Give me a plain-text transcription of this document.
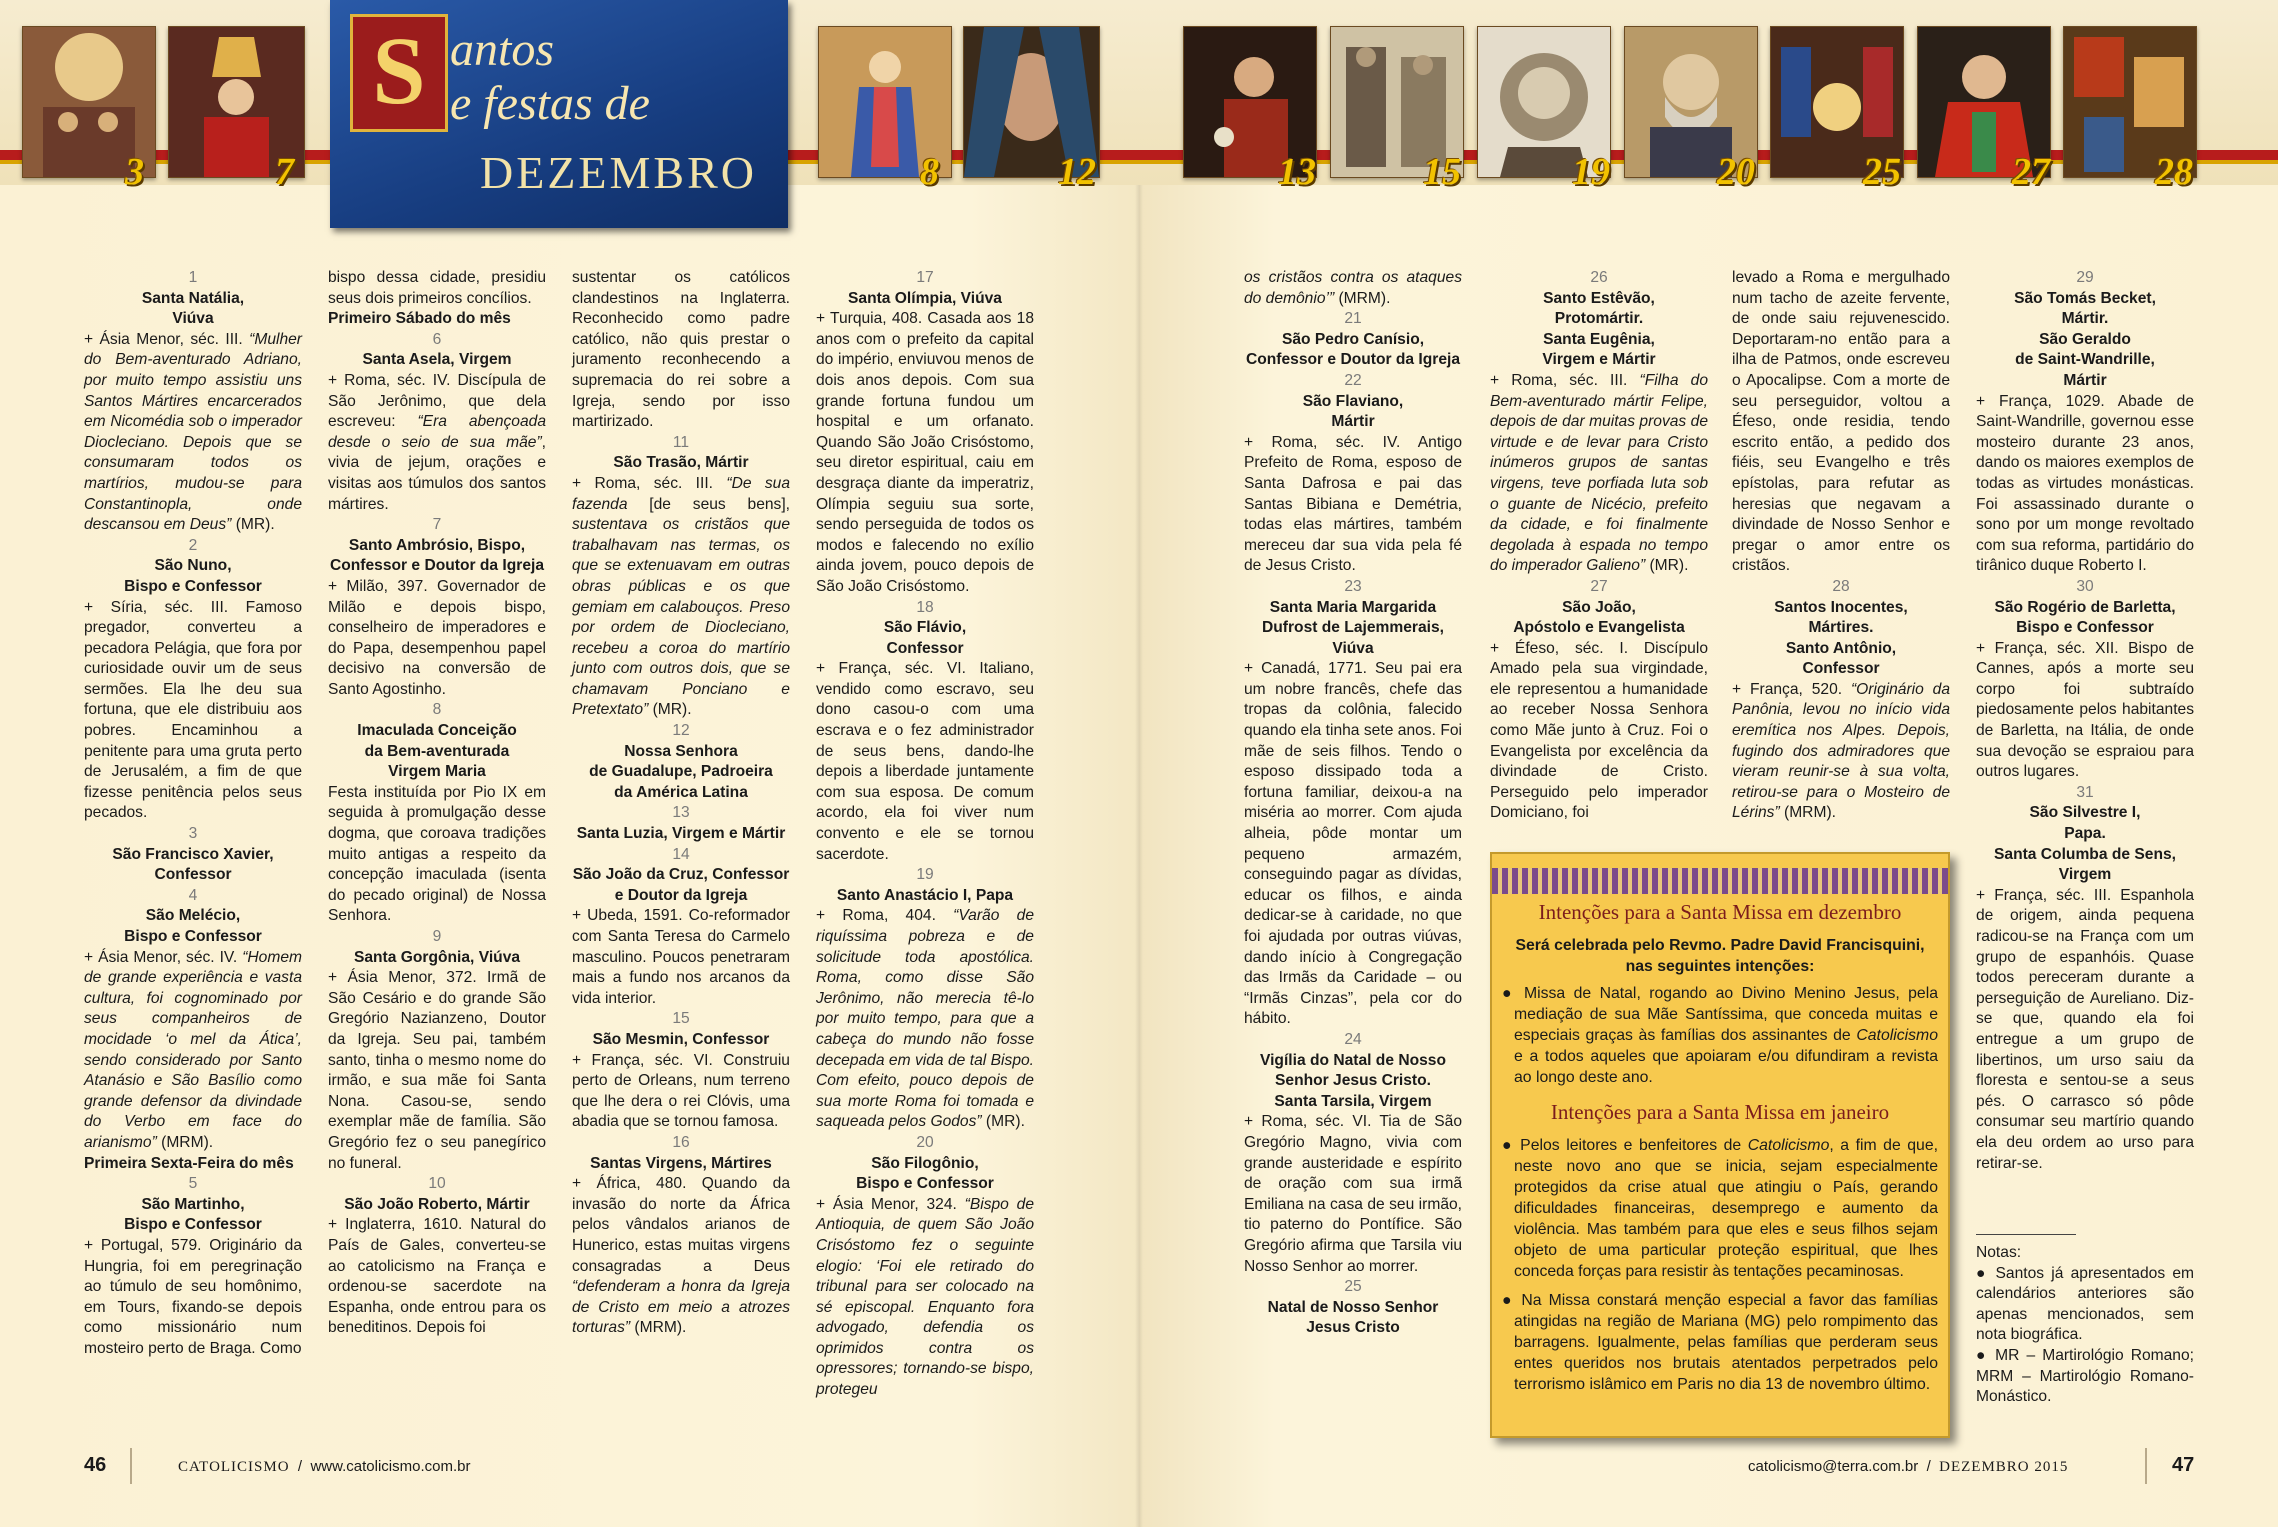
3	7	8	12	13	15	19	20	25	27	28
S antos
e festas de
DEZEMBRO

1

Santa Natália,
Viúva

+ Ásia Menor, séc. III. “Mulher do Bem-aventurado Adriano, por muito tempo assistiu uns Santos Mártires encarcerados em Nicomédia sob o imperador Diocleciano. Depois que se consumaram todos os martírios, mudou-se para Constantinopla, onde descansou em Deus” (MR).

2

São Nuno,
Bispo e Confessor

+ Síria, séc. III. Famoso pregador, converteu a pecadora Pelágia, que fora por curiosidade ouvir um de seus sermões. Ela lhe deu sua fortuna, que ele distribuiu aos pobres. Encaminhou a penitente para uma gruta perto de Jerusalém, a fim de que fizesse penitência pelos seus pecados.

3

São Francisco Xavier,
Confessor

4

São Melécio,
Bispo e Confessor

+ Ásia Menor, séc. IV. “Homem de grande experiência e vasta cultura, foi cognominado por seus companheiros de mocidade ‘o mel da Ática’, sendo considerado por Santo Atanásio e São Basílio como grande defensor da divindade do Verbo em face do arianismo” (MRM).
Primeira Sexta-Feira do mês

5

São Martinho,
Bispo e Confessor

+ Portugal, 579. Originário da Hungria, foi em peregrinação ao túmulo de seu homônimo, em Tours, fixando-se depois como missionário num mosteiro perto de Braga. Como

bispo dessa cidade, presidiu seus dois primeiros concílios.
Primeiro Sábado do mês

6

Santa Asela, Virgem

+ Roma, séc. IV. Discípula de São Jerônimo, que dela escreveu: “Era abençoada desde o seio de sua mãe”, vivia de jejum, orações e visitas aos túmulos dos santos mártires.

7

Santo Ambrósio, Bispo,
Confessor e Doutor da Igreja

+ Milão, 397. Governador de Milão e depois bispo, conselheiro de imperadores e do Papa, desempenhou papel decisivo na conversão de Santo Agostinho.

8

Imaculada Conceição
da Bem-aventurada
Virgem Maria

Festa instituída por Pio IX em seguida à promulgação desse dogma, que coroava tradições muito antigas a respeito da concepção imaculada (isenta do pecado original) de Nossa Senhora.

9

Santa Gorgônia, Viúva

+ Ásia Menor, 372. Irmã de São Cesário e do grande São Gregório Nazianzeno, Doutor da Igreja. Seu pai, também santo, tinha o mesmo nome do irmão, e sua mãe foi Santa Nona. Casou-se, sendo exemplar mãe de família. São Gregório fez o seu panegírico no funeral.

10

São João Roberto, Mártir

+ Inglaterra, 1610. Natural do País de Gales, converteu-se ao catolicismo na França e ordenou-se sacerdote na Espanha, onde entrou para os beneditinos. Depois foi

sustentar os católicos clandestinos na Inglaterra. Reconhecido como padre católico, não quis prestar o juramento reconhecendo a supremacia do rei sobre a Igreja, sendo por isso martirizado.

11

São Trasão, Mártir

+ Roma, séc. III. “De sua fazenda [de seus bens], sustentava os cristãos que trabalhavam nas termas, os que se extenuavam em outras obras públicas e os que gemiam em calabouços. Preso por ordem de Diocleciano, recebeu a coroa do martírio junto com outros dois, que se chamavam Ponciano e Pretextato” (MR).

12

Nossa Senhora
de Guadalupe, Padroeira
da América Latina

13

Santa Luzia, Virgem e Mártir

14

São João da Cruz, Confessor
e Doutor da Igreja

+ Ubeda, 1591. Co-reformador com Santa Teresa do Carmelo masculino. Poucos penetraram mais a fundo nos arcanos da vida interior.

15

São Mesmin, Confessor

+ França, séc. VI. Construiu perto de Orleans, num terreno que lhe dera o rei Clóvis, uma abadia que se tornou famosa.

16

Santas Virgens, Mártires

+ África, 480. Quando da invasão do norte da África pelos vândalos arianos de Hunerico, estas muitas virgens consagradas a Deus “defenderam a honra da Igreja de Cristo em meio a atrozes torturas” (MRM).

17

Santa Olímpia, Viúva

+ Turquia, 408. Casada aos 18 anos com o prefeito da capital do império, enviuvou menos de dois anos depois. Com sua grande fortuna fundou um hospital e um orfanato. Quando São João Crisóstomo, seu diretor espiritual, caiu em desgraça diante da imperatriz, Olímpia seguiu sua sorte, sendo perseguida de todos os modos e falecendo no exílio ainda jovem, pouco depois de São João Crisóstomo.

18

São Flávio,
Confessor

+ França, séc. VI. Italiano, vendido como escravo, seu dono casou-o com uma escrava e o fez administrador de seus bens, dando-lhe depois a liberdade juntamente com sua esposa. De comum acordo, ela foi viver num convento e ele se tornou sacerdote.

19

Santo Anastácio I, Papa

+ Roma, 404. “Varão de riquíssima pobreza e de solicitude toda apostólica. Roma, como disse São Jerônimo, não merecia tê-lo por muito tempo, para que a cabeça do mundo não fosse decepada em vida de tal Bispo. Com efeito, pouco depois de sua morte Roma foi tomada e saqueada pelos Godos” (MR).

20

São Filogônio,
Bispo e Confessor

+ Ásia Menor, 324. “Bispo de Antioquia, de quem São João Crisóstomo fez o seguinte elogio: ‘Foi ele retirado do tribunal para ser colocado na sé episcopal. Enquanto fora advogado, defendia os oprimidos contra os opressores; tornando-se bispo, protegeu

os cristãos contra os ataques do demônio’” (MRM).

21

São Pedro Canísio,
Confessor e Doutor da Igreja

22

São Flaviano,
Mártir

+ Roma, séc. IV. Antigo Prefeito de Roma, esposo de Santa Dafrosa e pai das Santas Bibiana e Demétria, todas elas mártires, também mereceu dar sua vida pela fé de Jesus Cristo.

23

Santa Maria Margarida
Dufrost de Lajemmerais,
Viúva

+ Canadá, 1771. Seu pai era um nobre francês, chefe das tropas da colônia, falecido quando ela tinha sete anos. Foi mãe de seis filhos. Tendo o esposo dissipado toda a fortuna familiar, deixou-a na miséria ao morrer. Com ajuda alheia, pôde montar um pequeno armazém, conseguindo pagar as dívidas, educar os filhos, e ainda dedicar-se à caridade, no que foi ajudada por outras viúvas, dando início à Congregação das Irmãs da Caridade – ou “Irmãs Cinzas”, pela cor do hábito.

24

Vigília do Natal de Nosso
Senhor Jesus Cristo.
Santa Tarsila, Virgem

+ Roma, séc. VI. Tia de São Gregório Magno, vivia com grande austeridade e espírito de oração com sua irmã Emiliana na casa de seu irmão, tio paterno do Pontífice. São Gregório afirma que Tarsila viu Nosso Senhor ao morrer.

25

Natal de Nosso Senhor
Jesus Cristo

26

Santo Estêvão,
Protomártir.
Santa Eugênia,
Virgem e Mártir

+ Roma, séc. III. “Filha do Bem-aventurado mártir Felipe, depois de dar muitas provas de virtude e de levar para Cristo inúmeros grupos de santas virgens, teve porfiada luta sob o guante de Nicécio, prefeito da cidade, e foi finalmente degolada à espada no tempo do imperador Galieno” (MR).

27

São João,
Apóstolo e Evangelista

+ Éfeso, séc. I. Discípulo Amado pela sua virgindade, ele representou a humanidade ao receber Nossa Senhora como Mãe junto à Cruz. Foi o Evangelista por excelência da divindade de Cristo. Perseguido pelo imperador Domiciano, foi

levado a Roma e mergulhado num tacho de azeite fervente, de onde saiu rejuvenescido. Deportaram-no então para a ilha de Patmos, onde escreveu o Apocalipse. Com a morte de seu perseguidor, voltou a Éfeso, onde residia, tendo escrito então, a pedido dos fiéis, seu Evangelho e três epístolas, para refutar as heresias que negavam a divindade de Nosso Senhor e pregar o amor entre os cristãos.

28

Santos Inocentes,
Mártires.
Santo Antônio,
Confessor

+ França, 520. “Originário da Panônia, levou no início vida eremítica nos Alpes. Depois, fugindo dos admiradores que vieram reunir-se à sua volta, retirou-se para o Mosteiro de Lérins” (MRM).

29

São Tomás Becket,
Mártir.
São Geraldo
de Saint-Wandrille,
Mártir

+ França, 1029. Abade de Saint-Wandrille, governou esse mosteiro durante 23 anos, dando os maiores exemplos de todas as virtudes monásticas. Foi assassinado durante o sono por um monge revoltado com sua reforma, partidário do tirânico duque Roberto I.

30

São Rogério de Barletta,
Bispo e Confessor

+ França, séc. XII. Bispo de Cannes, após a morte seu corpo foi subtraído piedosamente pelos habitantes de Barletta, na Itália, de onde sua devoção se espraiou para outros lugares.

31

São Silvestre I,
Papa.
Santa Columba de Sens,
Virgem

+ França, séc. III. Espanhola de origem, ainda pequena radicou-se na França com um grupo de espanhóis. Quase todos pereceram durante a perseguição de Aureliano. Diz-se que, quando ela foi entregue a um grupo de libertinos, um urso saiu da floresta e sentou-se a seus pés. O carrasco só pôde consumar seu martírio quando ela deu ordem ao urso para retirar-se.

Notas:

● Santos já apresentados em calendários anteriores são apenas mencionados, sem nota biográfica.

● MR – Martirológio Romano; MRM – Martirológio Romano-Monástico.

Intenções para a Santa Missa em dezembro
Será celebrada pelo Revmo. Padre David Francisquini, nas seguintes intenções:

● Missa de Natal, rogando ao Divino Menino Jesus, pela mediação de sua Mãe Santíssima, que conceda muitas e especiais graças às famílias dos assinantes de Catolicismo e a todos aqueles que apoiaram e/ou difundiram a revista ao longo deste ano.

Intenções para a Santa Missa em janeiro

● Pelos leitores e benfeitores de Catolicismo, a fim de que, neste novo ano que se inicia, sejam especialmente protegidos da crise atual que atingiu o País, gerando dificuldades financeiras, desemprego e aumento da violência. Mas também para que eles e seus filhos sejam objeto de uma particular proteção espiritual, que lhes conceda forças para resistir às tentações pecaminosas.

● Na Missa constará menção especial a favor das famílias atingidas na região de Mariana (MG) pelo rompimento das barragens. Igualmente, pelas famílias que perderam seus entes queridos nos brutais atentados perpetrados pelo terrorismo islâmico em Paris no dia 13 de novembro último.

46	CATOLICISMO / www.catolicismo.com.br	catolicismo@terra.com.br / DEZEMBRO 2015	47
